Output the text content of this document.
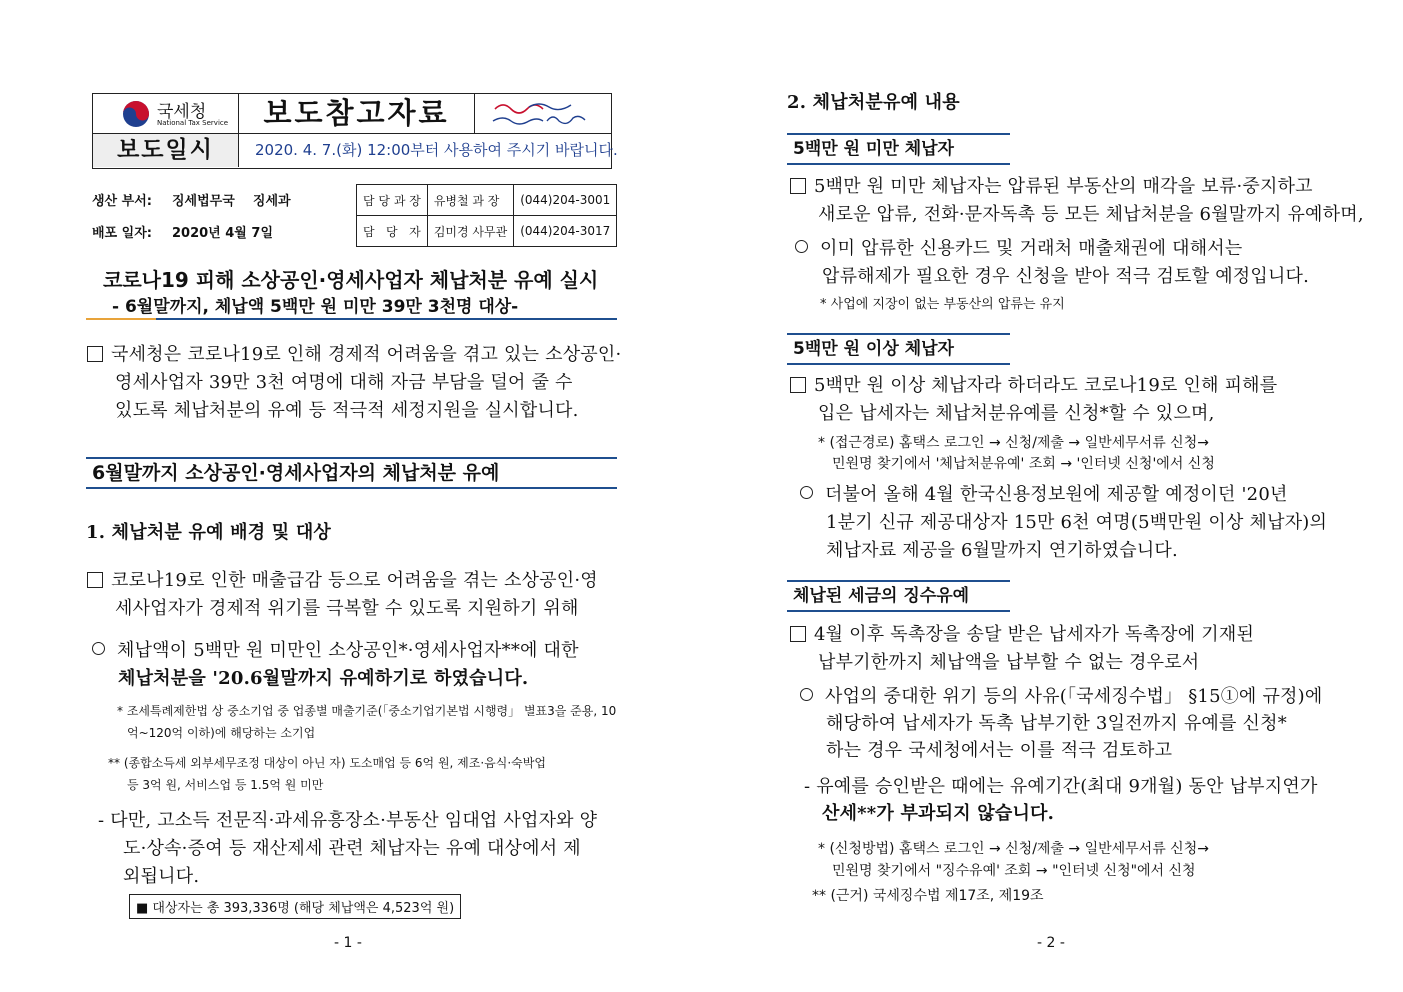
국세청
National Tax Service	보도참고자료
보도일시	2020. 4. 7.(화) 12:00부터 사용하여 주시기 바랍니다.
생산 부서: 징세법무국    징세과
배포 일자: 2020년 4월 7일
담 당 과 장	유병철 과 장	(044)204-3001
담   당   자	김미경 사무관	(044)204-3017
코로나19 피해 소상공인·영세사업자 체납처분 유예 실시
- 6월말까지, 체납액 5백만 원 미만 39만 3천명 대상-
국세청은 코로나19로 인해 경제적 어려움을 겪고 있는 소상공인·
영세사업자 39만 3천 여명에 대해 자금 부담을 덜어 줄 수
있도록 체납처분의 유예 등 적극적 세정지원을 실시합니다.
6월말까지 소상공인·영세사업자의 체납처분 유예
1. 체납처분 유예 배경 및 대상
코로나19로 인한 매출급감 등으로 어려움을 겪는 소상공인·영
세사업자가 경제적 위기를 극복할 수 있도록 지원하기 위해
체납액이 5백만 원 미만인 소상공인*·영세사업자**에 대한
체납처분을 '20.6월말까지 유예하기로 하였습니다.
* 조세특례제한법 상 중소기업 중 업종별 매출기준(「중소기업기본법 시행령」 별표3을 준용, 10
억~120억 이하)에 해당하는 소기업
** (종합소득세 외부세무조정 대상이 아닌 자) 도소매업 등 6억 원, 제조·음식·숙박업
등 3억 원, 서비스업 등 1.5억 원 미만
- 다만, 고소득 전문직·과세유흥장소·부동산 임대업 사업자와 양
도·상속·증여 등 재산제세 관련 체납자는 유예 대상에서 제
외됩니다.
■ 대상자는 총 393,336명 (해당 체납액은 4,523억 원)
- 1 -
2. 체납처분유예 내용
5백만 원 미만 체납자
5백만 원 미만 체납자는 압류된 부동산의 매각을 보류·중지하고
새로운 압류, 전화·문자독촉 등 모든 체납처분을 6월말까지 유예하며,
이미 압류한 신용카드 및 거래처 매출채권에 대해서는
압류해제가 필요한 경우 신청을 받아 적극 검토할 예정입니다.
* 사업에 지장이 없는 부동산의 압류는 유지
5백만 원 이상 체납자
5백만 원 이상 체납자라 하더라도 코로나19로 인해 피해를
입은 납세자는 체납처분유예를 신청*할 수 있으며,
* (접근경로) 홈택스 로그인 → 신청/제출 → 일반세무서류 신청→
민원명 찾기에서 '체납처분유예' 조회 → '인터넷 신청'에서 신청
더불어 올해 4월 한국신용정보원에 제공할 예정이던 '20년
1분기 신규 제공대상자 15만 6천 여명(5백만원 이상 체납자)의
체납자료 제공을 6월말까지 연기하였습니다.
체납된 세금의 징수유예
4월 이후 독촉장을 송달 받은 납세자가 독촉장에 기재된
납부기한까지 체납액을 납부할 수 없는 경우로서
사업의 중대한 위기 등의 사유(「국세징수법」 §15①에 규정)에
해당하여 납세자가 독촉 납부기한 3일전까지 유예를 신청*
하는 경우 국세청에서는 이를 적극 검토하고
- 유예를 승인받은 때에는 유예기간(최대 9개월) 동안 납부지연가
산세**가 부과되지 않습니다.
* (신청방법) 홈택스 로그인 → 신청/제출 → 일반세무서류 신청→
민원명 찾기에서 "징수유예' 조회 → "인터넷 신청"에서 신청
** (근거) 국세징수법 제17조, 제19조
- 2 -
